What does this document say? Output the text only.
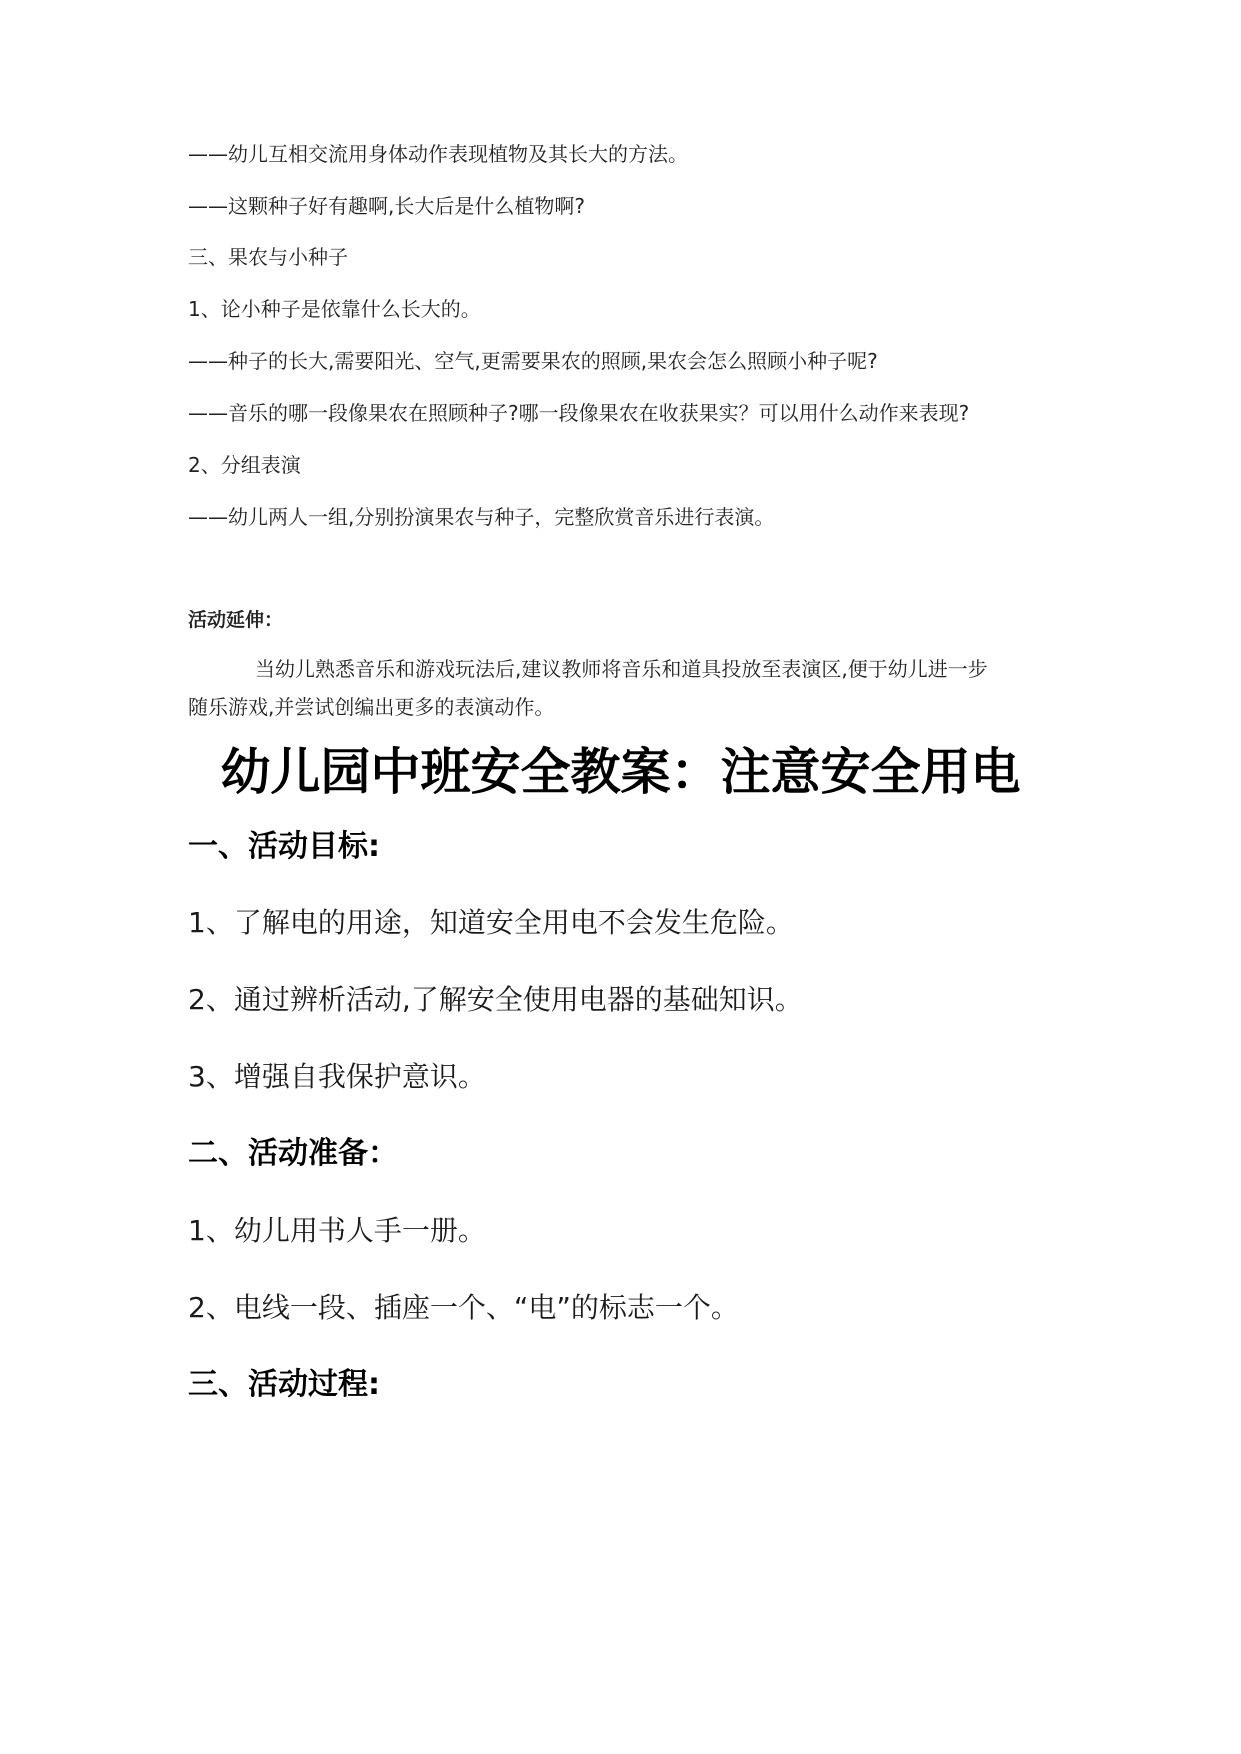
——幼儿互相交流用身体动作表现植物及其长大的方法。
——这颗种子好有趣啊,长大后是什么植物啊?
三、果农与小种子
1、论小种子是依靠什么长大的。
——种子的长大,需要阳光、空气,更需要果农的照顾,果农会怎么照顾小种子呢?
——音乐的哪一段像果农在照顾种子?哪一段像果农在收获果实？可以用什么动作来表现?
2、分组表演
——幼儿两人一组,分别扮演果农与种子，完整欣赏音乐进行表演。
活动延伸：
当幼儿熟悉音乐和游戏玩法后,建议教师将音乐和道具投放至表演区,便于幼儿进一步
随乐游戏,并尝试创编出更多的表演动作。
幼儿园中班安全教案：注意安全用电
一、活动目标:
1、了解电的用途，知道安全用电不会发生危险。
2、通过辨析活动,了解安全使用电器的基础知识。
3、增强自我保护意识。
二、活动准备：
1、幼儿用书人手一册。
2、电线一段、插座一个、“电”的标志一个。
三、活动过程:
